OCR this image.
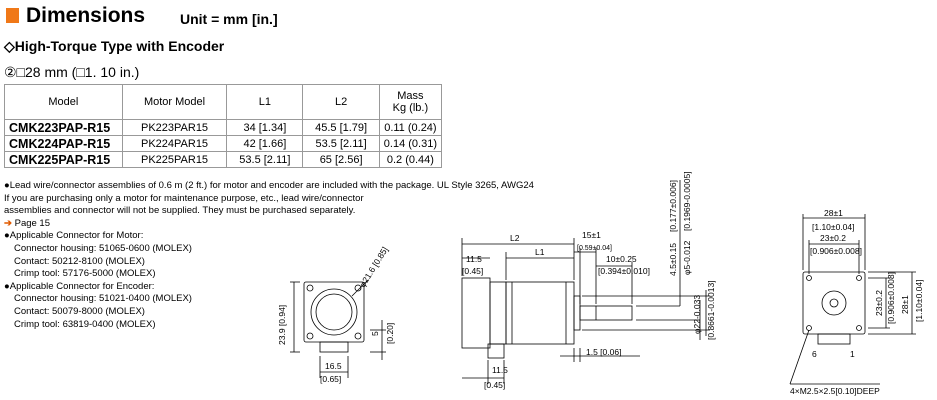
Dimensions Unit = mm [in.]
◇High-Torque Type with Encoder
②□28 mm (□1. 10 in.)
Model	Motor Model	L1	L2	Mass
Kg (lb.)

CMK223PAP-R15	PK223PAR15	34 [1.34]	45.5 [1.79]	0.11 (0.24)
CMK224PAP-R15	PK224PAR15	42 [1.66]	53.5 [2.11]	0.14 (0.31)
CMK225PAP-R15	PK225PAR15	53.5 [2.11]	65 [2.56]	0.2 (0.44)
●Lead wire/connector assemblies of 0.6 m (2 ft.) for motor and encoder are included with the package. UL Style 3265, AWG24
If you are purchasing only a motor for maintenance purpose, etc., lead wire/connector
assemblies and connector will not be supplied. They must be purchased separately.
➔ Page 15
●Applicable Connector for Motor:
Connector housing: 51065-0600 (MOLEX)
Contact: 50212-8100 (MOLEX)
Crimp tool: 57176-5000 (MOLEX)
●Applicable Connector for Encoder:
Connector housing: 51021-0400 (MOLEX)
Contact: 50079-8000 (MOLEX)
Crimp tool: 63819-0400 (MOLEX)	23.9 [0.94]
φ21.6 [0.85]
5 [0.20]
16.5
[0.65]
L2
L1
11.5
[0.45]
15±1
[0.59±0.04]
10±0.25
[0.394±0.010] 4.5±0.15
[0.177±0.006]
φ5-0.012
[0.1969-0.0005]
φ22-0.033 [0.8661-0.0013]
1.5 [0.06]
11.5
[0.45]
28±1
[1.10±0.04]
23±0.2
[0.906±0.008]
23±0.2 [0.906±0.008] 28±1 [1.10±0.04]
6	1
4×M2.5×2.5[0.10]DEEP
